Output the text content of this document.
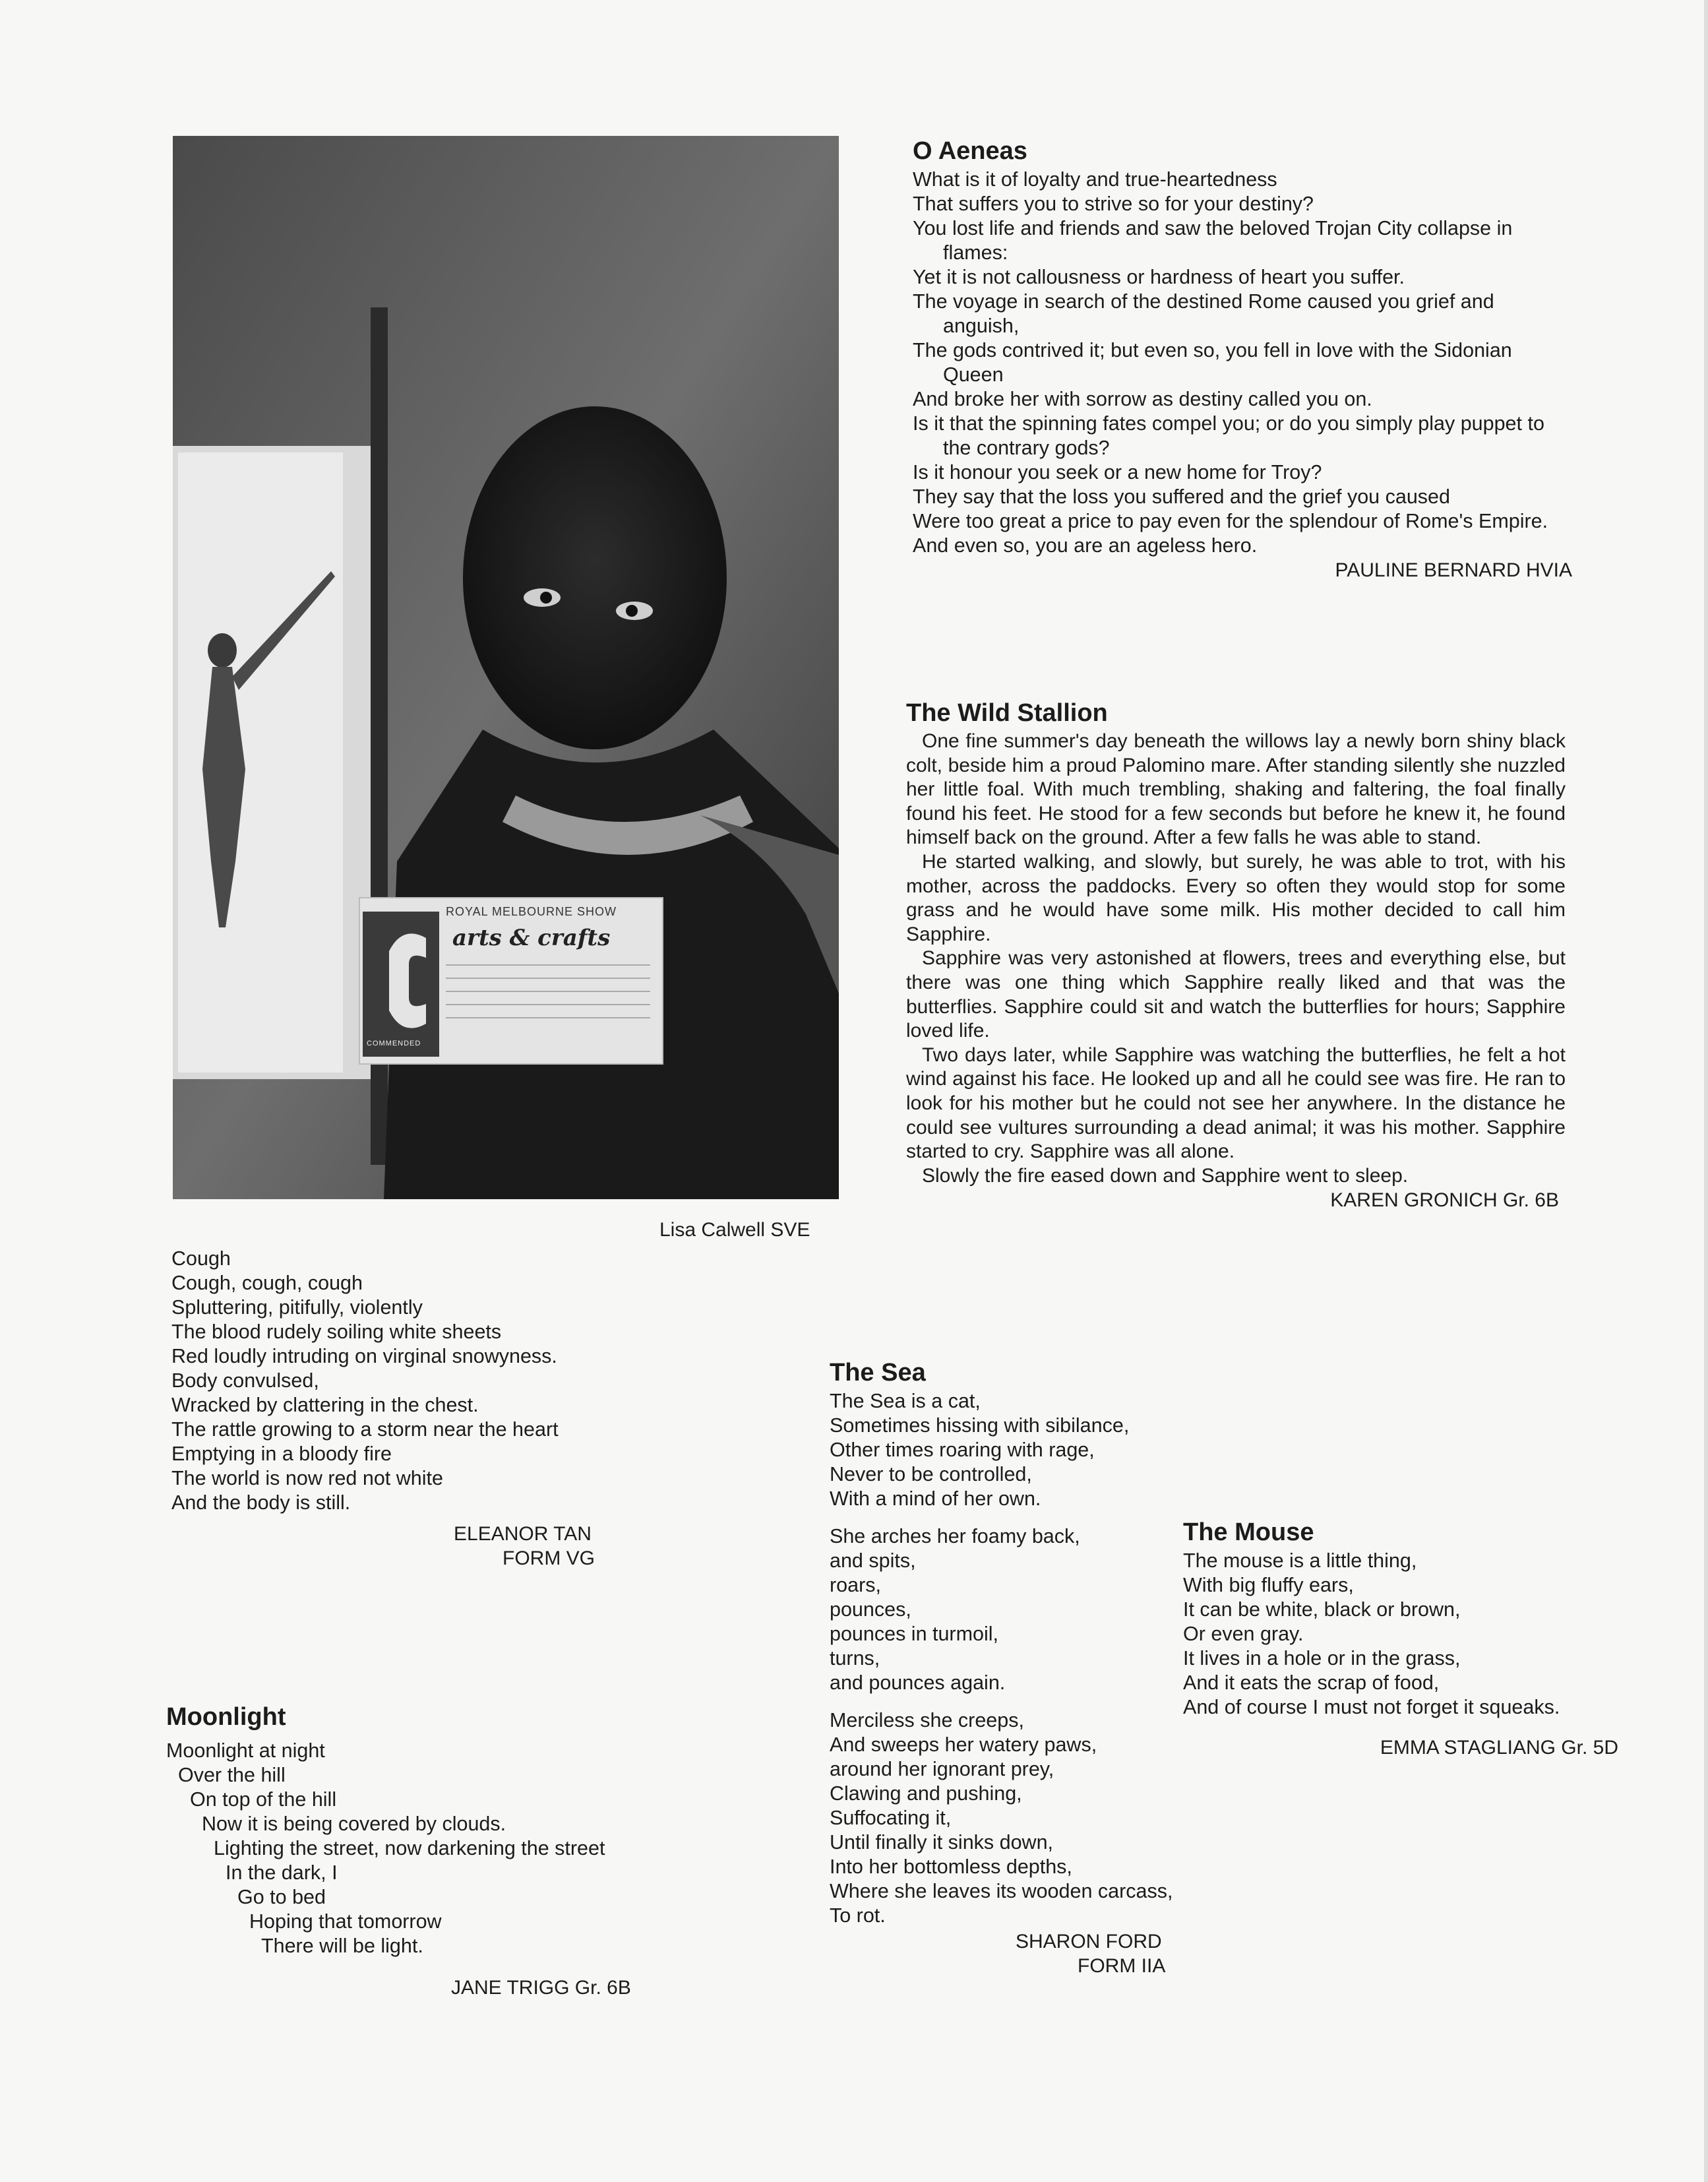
ROYAL MELBOURNE SHOW
arts & crafts
COMMENDED
Lisa Calwell SVE
O Aeneas
What is it of loyalty and true-heartedness
That suffers you to strive so for your destiny?
You lost life and friends and saw the beloved Trojan City collapse in flames:
Yet it is not callousness or hardness of heart you suffer.
The voyage in search of the destined Rome caused you grief and anguish,
The gods contrived it; but even so, you fell in love with the Sidonian Queen
And broke her with sorrow as destiny called you on.
Is it that the spinning fates compel you; or do you simply play puppet to the contrary gods?
Is it honour you seek or a new home for Troy?
They say that the loss you suffered and the grief you caused
Were too great a price to pay even for the splendour of Rome's Empire.
And even so, you are an ageless hero.
PAULINE BERNARD HVIA
The Wild Stallion

One fine summer's day beneath the willows lay a newly born shiny black colt, beside him a proud Palomino mare. After standing silently she nuzzled her little foal. With much trembling, shaking and faltering, the foal finally found his feet. He stood for a few seconds but before he knew it, he found himself back on the ground. After a few falls he was able to stand.

He started walking, and slowly, but surely, he was able to trot, with his mother, across the paddocks. Every so often they would stop for some grass and he would have some milk. His mother decided to call him Sapphire.

Sapphire was very astonished at flowers, trees and everything else, but there was one thing which Sapphire really liked and that was the butterflies. Sapphire could sit and watch the butterflies for hours; Sapphire loved life.

Two days later, while Sapphire was watching the butterflies, he felt a hot wind against his face. He looked up and all he could see was fire. He ran to look for his mother but he could not see her anywhere. In the distance he could see vultures surrounding a dead animal; it was his mother. Sapphire started to cry. Sapphire was all alone.

Slowly the fire eased down and Sapphire went to sleep.

KAREN GRONICH Gr. 6B
Cough
Cough, cough, cough
Spluttering, pitifully, violently
The blood rudely soiling white sheets
Red loudly intruding on virginal snowyness.
Body convulsed,
Wracked by clattering in the chest.
The rattle growing to a storm near the heart
Emptying in a bloody fire
The world is now red not white
And the body is still.
ELEANOR TAN
FORM VG
The Sea
The Sea is a cat,
Sometimes hissing with sibilance,
Other times roaring with rage,
Never to be controlled,
With a mind of her own.
She arches her foamy back,
and spits,
roars,
pounces,
pounces in turmoil,
turns,
and pounces again.
Merciless she creeps,
And sweeps her watery paws,
around her ignorant prey,
Clawing and pushing,
Suffocating it,
Until finally it sinks down,
Into her bottomless depths,
Where she leaves its wooden carcass,
To rot.
SHARON FORD
FORM IIA
The Mouse
The mouse is a little thing,
With big fluffy ears,
It can be white, black or brown,
Or even gray.
It lives in a hole or in the grass,
And it eats the scrap of food,
And of course I must not forget it squeaks.
EMMA STAGLIANG Gr. 5D
Moonlight
Moonlight at night
Over the hill
On top of the hill
Now it is being covered by clouds.
Lighting the street, now darkening the street
In the dark, I
Go to bed
Hoping that tomorrow
There will be light.
JANE TRIGG Gr. 6B
